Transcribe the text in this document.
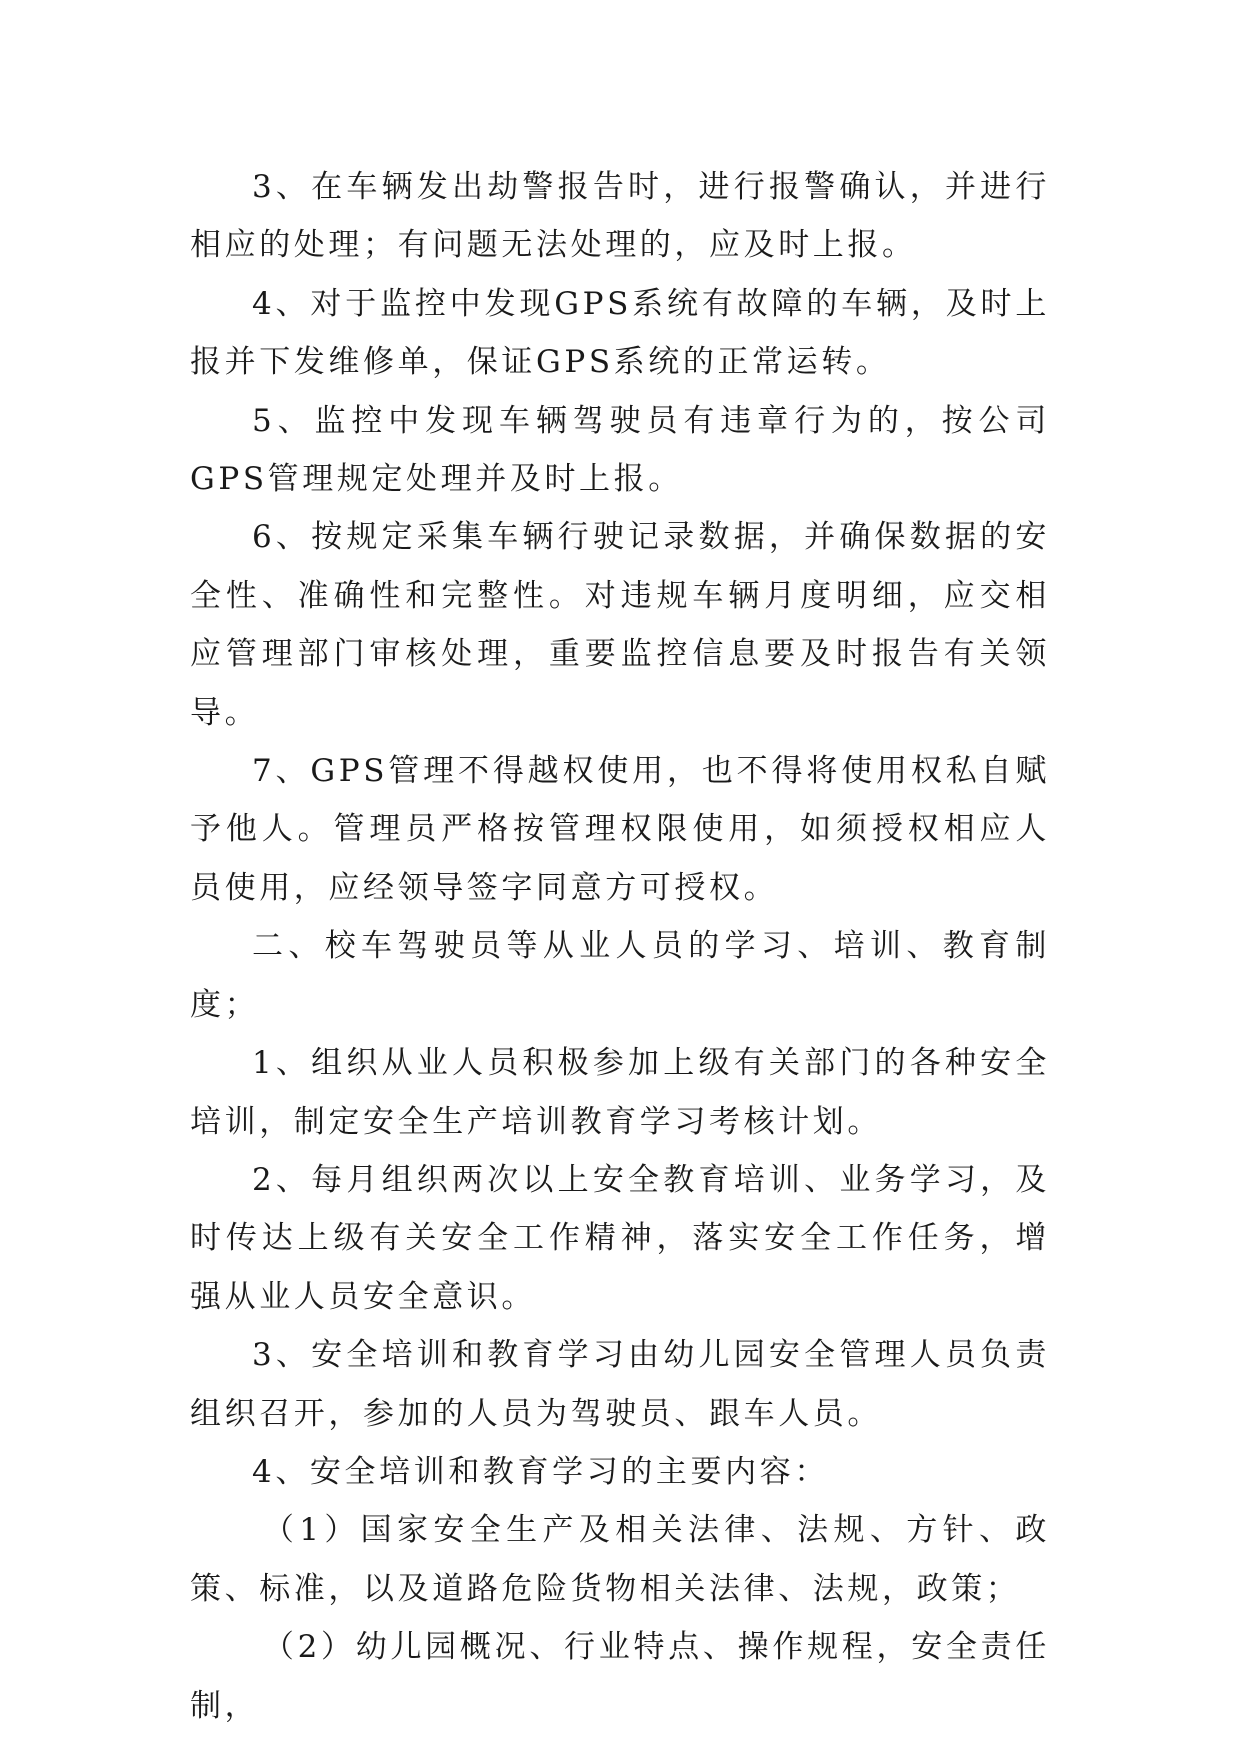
3、在车辆发出劫警报告时，进行报警确认，并进行相应的处理；有问题无法处理的，应及时上报。

4、对于监控中发现GPS系统有故障的车辆，及时上报并下发维修单，保证GPS系统的正常运转。

5、监控中发现车辆驾驶员有违章行为的，按公司GPS管理规定处理并及时上报。

6、按规定采集车辆行驶记录数据，并确保数据的安全性、准确性和完整性。对违规车辆月度明细，应交相应管理部门审核处理，重要监控信息要及时报告有关领导。

7、GPS管理不得越权使用，也不得将使用权私自赋予他人。管理员严格按管理权限使用，如须授权相应人员使用，应经领导签字同意方可授权。

二、校车驾驶员等从业人员的学习、培训、教育制度；

1、组织从业人员积极参加上级有关部门的各种安全培训，制定安全生产培训教育学习考核计划。

2、每月组织两次以上安全教育培训、业务学习，及时传达上级有关安全工作精神，落实安全工作任务，增强从业人员安全意识。

3、安全培训和教育学习由幼儿园安全管理人员负责组织召开，参加的人员为驾驶员、跟车人员。

4、安全培训和教育学习的主要内容：

（1）国家安全生产及相关法律、法规、方针、政策、标准，以及道路危险货物相关法律、法规，政策；

（2）幼儿园概况、行业特点、操作规程，安全责任制，
